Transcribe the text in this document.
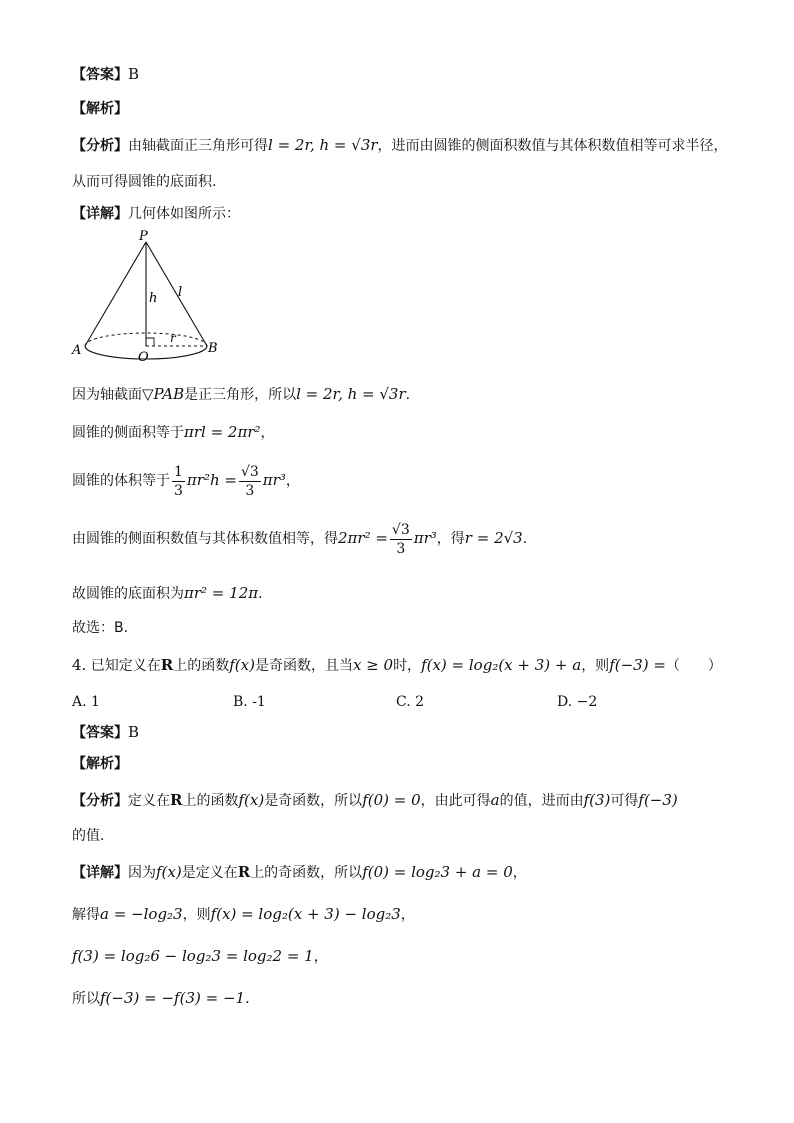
【答案】B
【解析】
【分析】由轴截面正三角形可得l = 2r, h = √3r，进而由圆锥的侧面积数值与其体积数值相等可求半径，
从而可得圆锥的底面积.
【详解】几何体如图所示：
P
h l
A	O
r
B
因为轴截面▽PAB是正三角形，所以l = 2r, h = √3r.
圆锥的侧面积等于πrl = 2πr²，
圆锥的体积等于 $\frac{1}{3} \pi r^2h = \frac{√3}{3} \pi r^3$，
由圆锥的侧面积数值与其体积数值相等，得$2\pi r^2 = \frac{√3}{3} \pi r^3$，得r = 2√3.
故圆锥的底面积为πr² = 12π.
故选：B.
4. 已知定义在R上的函数f(x)是奇函数，且当x ≥ 0时，f(x) = log₂(x + 3) + a，则f(−3) =（　　）
A. 1	B. -1	C. 2	D. −2
【答案】B
【解析】
【分析】定义在R上的函数f(x)是奇函数，所以f(0) = 0，由此可得a的值，进而由f(3)可得f(−3)
的值.
【详解】因为f(x)是定义在R上的奇函数，所以f(0) = log₂3 + a = 0，
解得a = −log₂3，则f(x) = log₂(x + 3) − log₂3，
f(3) = log₂6 − log₂3 = log₂2 = 1，
所以f(−3) = −f(3) = −1.
